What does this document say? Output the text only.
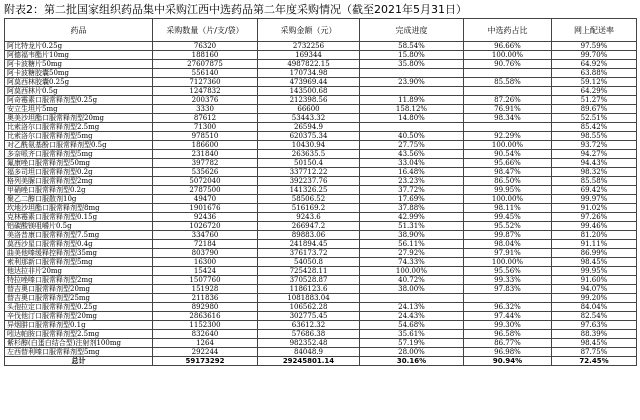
附表2：第二批国家组织药品集中采购江西中选药品第二年度采购情况（截至2021年5月31日）
药品	采购数量（片/支/袋）	采购金额（元）	完成进度	中选药占比	网上配送率
阿比特龙片0.25g	76320	2732256	58.54%	96.66%	97.59%
阿德福韦酯片10mg	188160	169344	15.80%	100.00%	99.70%
阿卡波糖片50mg	27607875	4987822.15	35.80%	90.76%	64.92%
阿卡波糖胶囊50mg	556140	170734.98			63.88%
阿莫西林胶囊0.25g	7127360	473969.44	23.90%	85.58%	59.12%
阿莫西林片0.5g	1247832	143500.68			64.29%
阿奇霉素口服常释剂型0.25g	200376	212398.56	11.89%	87.26%	51.27%
安立生坦片5mg	3330	66600	158.12%	76.91%	89.67%
奥美沙坦酯口服常释剂型20mg	87612	53443.32	14.80%	98.34%	52.51%
比索洛尔口服常释剂型2.5mg	71300	26594.9			85.42%
比索洛尔口服常释剂型5mg	978510	620375.34	40.50%	92.29%	98.55%
对乙酰氨基酚口服常释剂型0.5g	186600	10430.94	27.75%	100.00%	93.72%
多奈哌齐口服常释剂型5mg	231840	263635.5	43.56%	90.54%	94.27%
氟康唑口服常释剂型50mg	397782	50150.4	33.04%	95.66%	94.43%
福多司坦口服常释剂型0.2g	535626	337712.22	16.48%	98.47%	98.32%
格列美脲口服常释剂型2mg	5072040	392237.76	23.23%	86.50%	85.58%
甲硝唑口服常释剂型0.2g	2787500	141326.25	37.72%	99.95%	69.42%
聚乙二醇口服散剂10g	49470	58506.52	17.69%	100.00%	99.97%
坎地沙坦酯口服常释剂型8mg	1901676	516169.2	37.88%	98.11%	91.02%
克林霉素口服常释剂型0.15g	92436	9243.6	42.99%	99.45%	97.26%
铝碳酸镁咀嚼片0.5g	1026720	266947.2	51.31%	95.52%	99.46%
美洛昔康口服常释剂型7.5mg	334760	89883.06	38.90%	99.87%	81.20%
莫西沙星口服常释剂型0.4g	72184	241894.45	56.11%	98.04%	91.11%
曲美他嗪缓释控释剂型35mg	803790	376173.72	27.92%	97.91%	86.99%
索利那新口服常释剂型5mg	16300	54050.8	74.33%	100.00%	98.45%
他达拉非片20mg	15424	725428.11	100.00%	95.56%	99.95%
特拉唑嗪口服常释剂型2mg	1507760	370528.87	40.72%	99.33%	91.60%
替吉奥口服常释剂型20mg	151928	1186123.6	38.00%	97.83%	94.07%
替吉奥口服常释剂型25mg	211836	1081883.04			99.20%
头孢拉定口服常释剂型0.25g	892980	106562.28	24.13%	96.32%	84.04%
辛伐他汀口服常释剂型20mg	2863616	302775.45	24.43%	97.44%	82.54%
异烟肼口服常释剂型0.1g	1152300	63612.32	54.68%	99.30%	97.63%
吲达帕胺口服常释剂型2.5mg	832640	57686.38	35.61%	96.58%	88.39%
紫杉醇(白蛋白结合型)注射剂100mg	1264	982352.48	57.19%	86.77%	98.45%
左西替利嗪口服常释剂型5mg	292244	84048.9	28.00%	96.98%	87.75%
总计	59173292	29245801.14	30.16%	90.94%	72.45%
